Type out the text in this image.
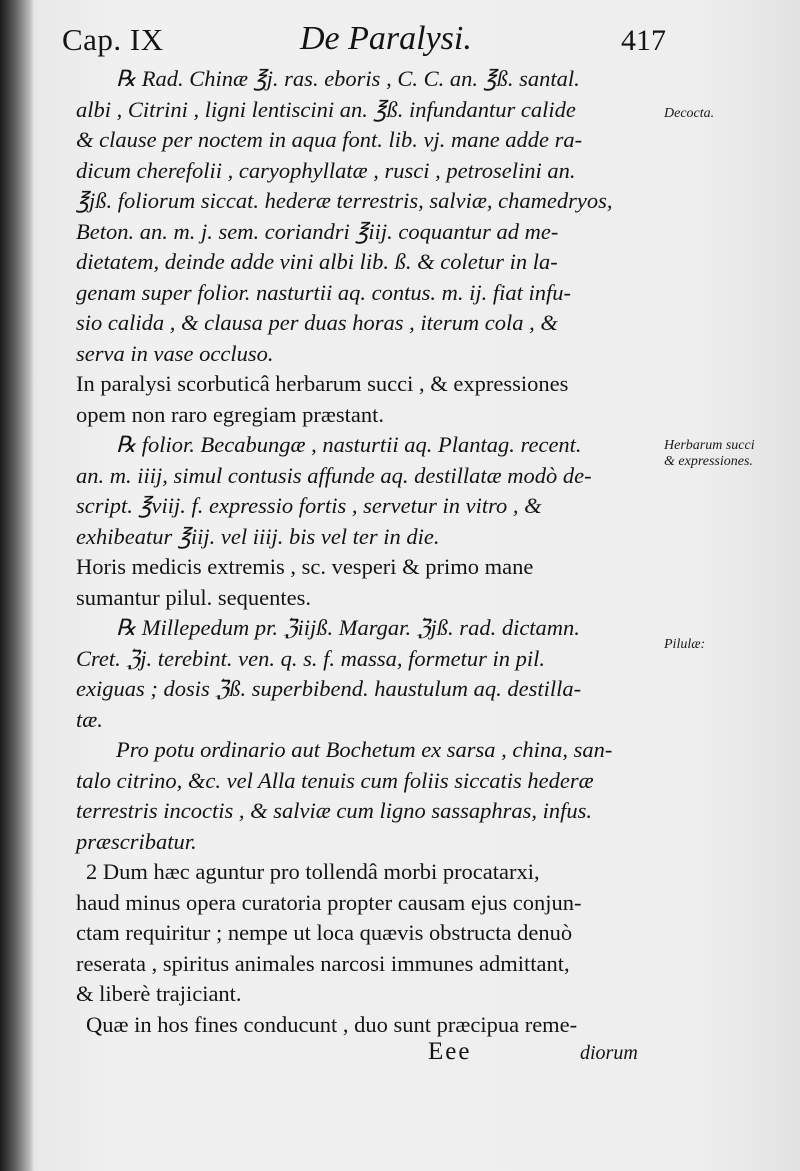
Cap. IX	De Paralysi.	417
℞ Rad. Chinæ ℥j. ras. eboris , C. C. an. ℥ß. santal.
albi , Citrini , ligni lentiscini an. ℥ß. infundantur calide
& clause per noctem in aqua font. lib. vj. mane adde ra-
dicum cherefolii , caryophyllatæ , rusci , petroselini an.
℥jß. foliorum siccat. hederæ terrestris, salviæ, chamedryos,
Beton. an. m. j. sem. coriandri ℥iij. coquantur ad me-
dietatem, deinde adde vini albi lib. ß. & coletur in la-
genam super folior. nasturtii aq. contus. m. ij. fiat infu-
sio calida , & clausa per duas horas , iterum cola , &
serva in vase occluso.
In paralysi scorbuticâ herbarum succi , & expressiones
opem non raro egregiam præstant.
℞ folior. Becabungæ , nasturtii aq. Plantag. recent.
an. m. iiij, simul contusis affunde aq. destillatæ modò de-
script. ℥viij. f. expressio fortis , servetur in vitro , &
exhibeatur ℥iij. vel iiij. bis vel ter in die.
Horis medicis extremis , sc. vesperi & primo mane
sumantur pilul. sequentes.
℞ Millepedum pr. ℨiijß. Margar. ℨjß. rad. dictamn.
Cret. ℨj. terebint. ven. q. s. f. massa, formetur in pil.
exiguas ; dosis ℨß. superbibend. haustulum aq. destilla-
tæ.
Pro potu ordinario aut Bochetum ex sarsa , china, san-
talo citrino, &c. vel Alla tenuis cum foliis siccatis hederæ
terrestris incoctis , & salviæ cum ligno sassaphras, infus.
præscribatur.
2 Dum hæc aguntur pro tollendâ morbi procatarxi,
haud minus opera curatoria propter causam ejus conjun-
ctam requiritur ; nempe ut loca quævis obstructa denuò
reserata , spiritus animales narcosi immunes admittant,
& liberè trajiciant.
Quæ in hos fines conducunt , duo sunt præcipua reme-
Decocta.
Herbarum succi
& expressiones.
Pilulæ:
Eee	diorum
